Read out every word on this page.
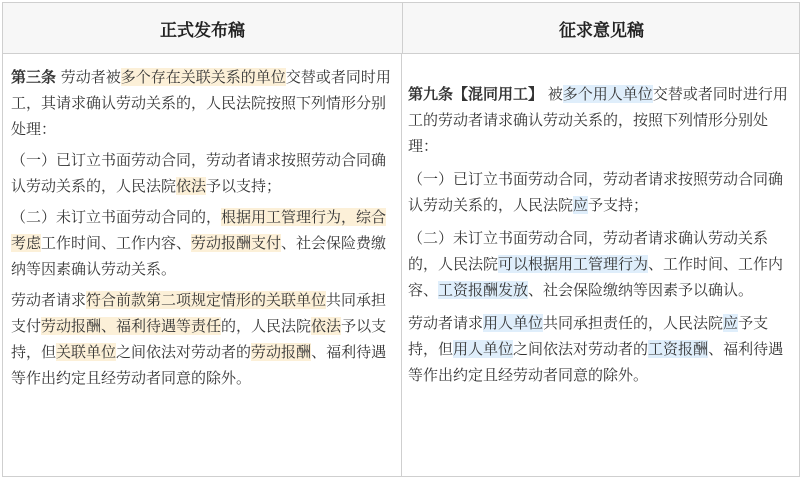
正式发布稿	征求意见稿

第三条 劳动者被多个存在关联关系的单位交替或者同时用工，其请求确认劳动关系的，人民法院按照下列情形分别处理：

（一）已订立书面劳动合同，劳动者请求按照劳动合同确认劳动关系的，人民法院依法予以支持；

（二）未订立书面劳动合同的，根据用工管理行为，综合考虑工作时间、工作内容、劳动报酬支付、社会保险费缴纳等因素确认劳动关系。

劳动者请求符合前款第二项规定情形的关联单位共同承担支付劳动报酬、福利待遇等责任的，人民法院依法予以支持，但关联单位之间依法对劳动者的劳动报酬、福利待遇等作出约定且经劳动者同意的除外。

第九条【混同用工】 被多个用人单位交替或者同时进行用工的劳动者请求确认劳动关系的，按照下列情形分别处理：

（一）已订立书面劳动合同，劳动者请求按照劳动合同确认劳动关系的，人民法院应予支持；

（二）未订立书面劳动合同，劳动者请求确认劳动关系的，人民法院可以根据用工管理行为、工作时间、工作内容、工资报酬发放、社会保险缴纳等因素予以确认。

劳动者请求用人单位共同承担责任的，人民法院应予支持，但用人单位之间依法对劳动者的工资报酬、福利待遇等作出约定且经劳动者同意的除外。
